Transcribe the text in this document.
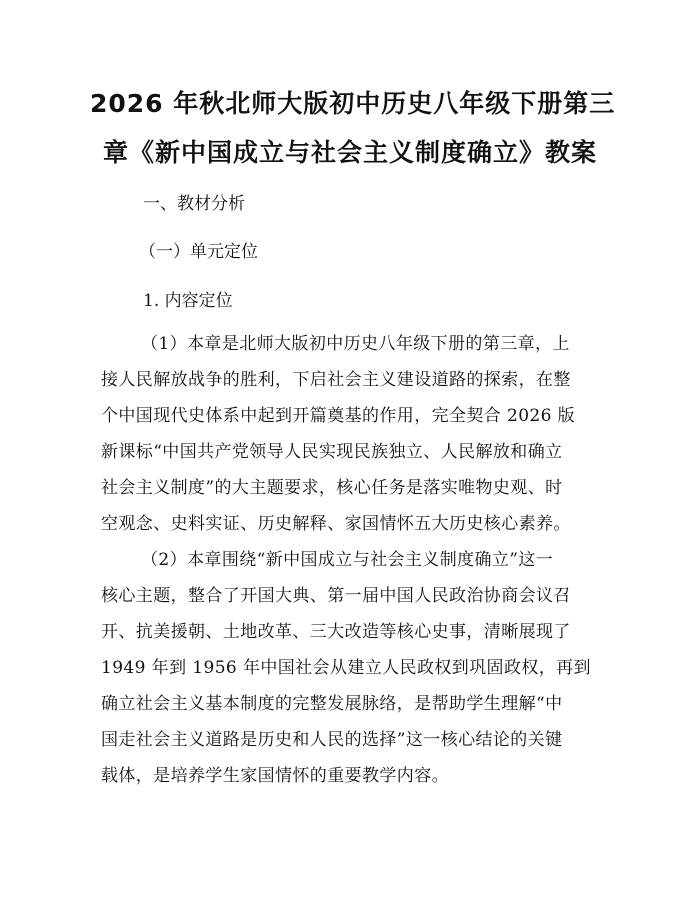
2026 年秋北师大版初中历史八年级下册第三
章《新中国成立与社会主义制度确立》教案
一、教材分析
（一）单元定位
1. 内容定位
（1）本章是北师大版初中历史八年级下册的第三章，上
接人民解放战争的胜利，下启社会主义建设道路的探索，在整
个中国现代史体系中起到开篇奠基的作用，完全契合 2026 版
新课标“中国共产党领导人民实现民族独立、人民解放和确立
社会主义制度”的大主题要求，核心任务是落实唯物史观、时
空观念、史料实证、历史解释、家国情怀五大历史核心素养。
（2）本章围绕“新中国成立与社会主义制度确立”这一
核心主题，整合了开国大典、第一届中国人民政治协商会议召
开、抗美援朝、土地改革、三大改造等核心史事，清晰展现了
1949 年到 1956 年中国社会从建立人民政权到巩固政权，再到
确立社会主义基本制度的完整发展脉络，是帮助学生理解“中
国走社会主义道路是历史和人民的选择”这一核心结论的关键
载体，是培养学生家国情怀的重要教学内容。
